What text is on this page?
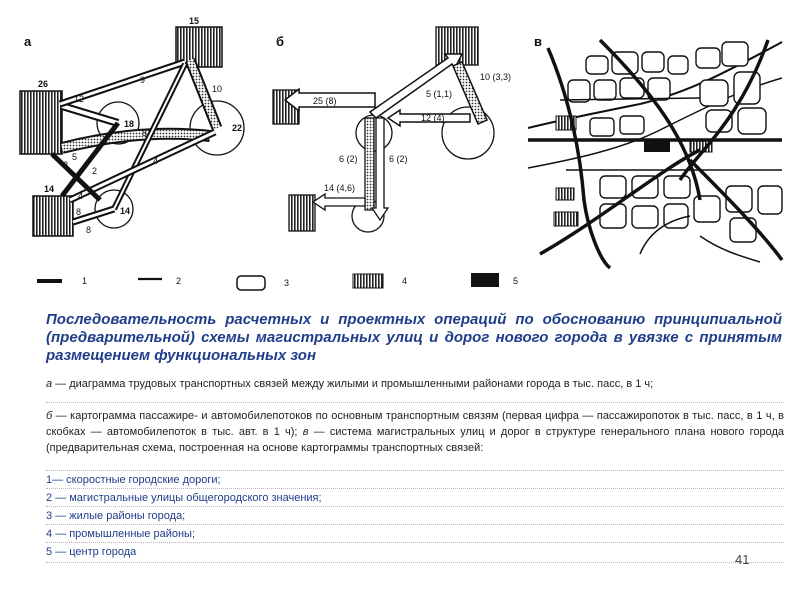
а
26
15
14
22
18
14
12
9
5
8
2
4
4
8
8
10
8
б
25 (8)
5 (1,1)
10 (3,3)
12 (4)
6 (2)	6 (2)
14 (4,6)
в
1	2	3	4	5
Последовательность расчетных и проектных операций по обоснованию принципиальной (предварительной) схемы магистральных улиц и дорог нового города в увязке с принятым размещением функциональных зон
а — диаграмма трудовых транспортных связей между жилыми и промышленными районами города в тыс. пасс, в 1 ч;
б — картограмма пассажире- и автомобилепотоков по основным транспортным связям (первая цифра — пассажиропоток в тыс. пасс, в 1 ч, в скобках — автомобилепоток в тыс. авт. в 1 ч); в — система магистральных улиц и дорог в структуре генерального плана нового города (предварительная схема, построенная на основе картограммы транспортных связей:
1— скоростные городские дороги;
2 — магистральные улицы общегородского значения;
3 — жилые районы города;
4 — промышленные районы;
5 — центр города	41
